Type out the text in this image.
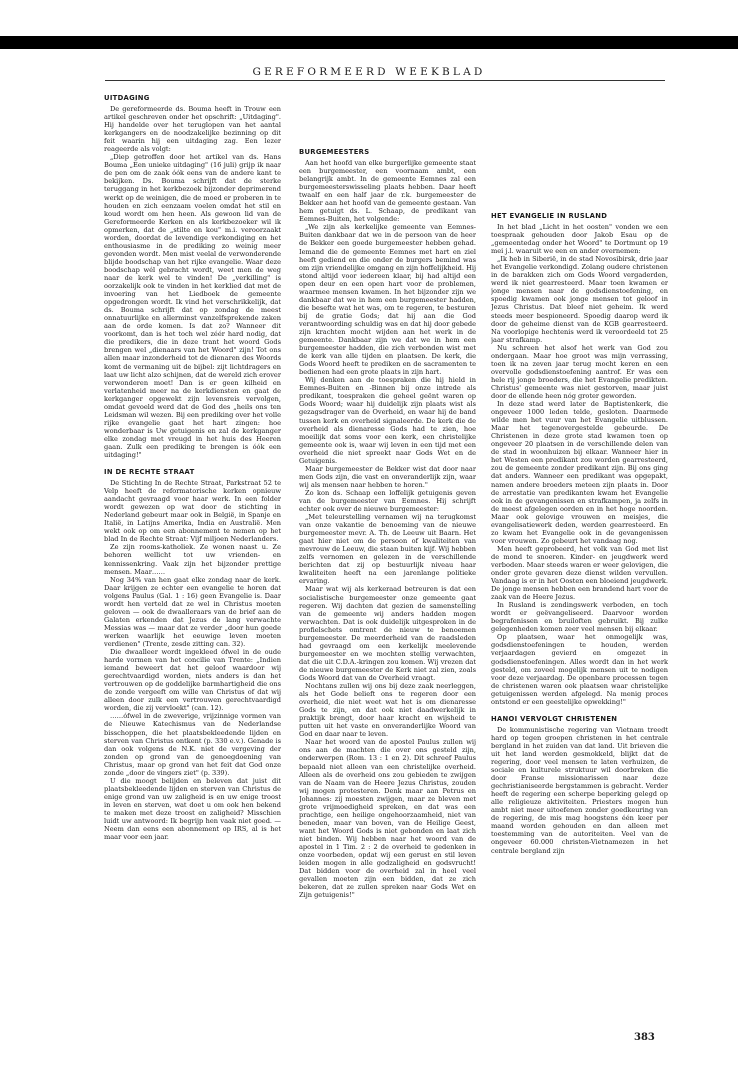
GEREFORMEERD WEEKBLAD
UITDAGING

De gereformeerde ds. Bouma heeft in Trouw een artikel geschreven onder het opschrift: „Uitdaging". Hij handelde over het teruglopen van het aantal kerkgangers en de noodzakelijke bezinning op dit feit waarin hij een uitdaging zag. Een lezer reageerde als volgt:

„Diep getroffen door het artikel van ds. Hans Bouma „Een unieke uitdaging" (16 juli) grijp ik naar de pen om de zaak óók eens van de andere kant te bekijken. Ds. Bouma schrijft dat de sterke teruggang in het kerkbezoek bijzonder deprimerend werkt op de weinigen, die de moed er proberen in te houden en zich eenzaam voelen omdat het stil en koud wordt om hen heen. Als gewoon lid van de Gereformeerde Kerken en als kerkbezoeker wil ik opmerken, dat de „stilte en kou" m.i. veroorzaakt worden, doordat de levendige verkondiging en het enthousiasme in de prediking zo weinig meer gevonden wordt. Men mist veelal de verwonderende blijde boodschap van het rijke evangelie. Waar deze boodschap wél gebracht wordt, weet men de weg naar de kerk wel te vinden! De „verkilling" is oorzakelijk ook te vinden in het kerklied dat met de invoering van het Liedboek de gemeente opgedrongen wordt. Ik vind het verschrikkelijk, dat ds. Bouma schrijft dat op zondag de meest onnatuurlijke en allerminst vanzelfsprekende zaken aan de orde komen. Is dat zo? Wanneer dit voorkomt, dan is het toch wel zéér hard nodig, dat die predikers, die in deze trant het woord Gods brengen wel „dienaars van het Woord" zijn! Tot ons allen maar inzonderheid tot de dienaren des Woords komt de vermaning uit de bijbel: zijt lichtdragers en laat uw licht alzo schijnen, dat de wereld zich erover verwonderen moet! Dan is er geen kilheid en verlatenheid meer na de kerkdiensten en gaat de kerkganger opgewekt zijn levensreis vervolgen, omdat gevoeld werd dat de God des „heils ons ten Leidsman wil wezen. Bij een prediking over het volle rijke evangelie gaat het hart zingen: hoe wonderbaar is Uw getuigenis en zal de kerkganger elke zondag met vreugd in het huis des Heeren gaan. Zulk een prediking te brengen is óók een uitdaging!"

IN DE RECHTE STRAAT

De Stichting In de Rechte Straat, Parkstraat 52 te Velp heeft de reformatorische kerken opnieuw aandacht gevraagd voor haar werk. In een folder wordt gewezen op wat door de stichting in Nederland gebeurt maar ook in België, in Spanje en Italië, in Latijns Amerika, India en Australië. Men wekt ook op om een abonnement te nemen op het blad In de Rechte Straat: Vijf miljoen Nederlanders.

Ze zijn rooms-katholiek. Ze wonen naast u. Ze behoren wellicht tot uw vrienden- en kennissenkring. Vaak zijn het bijzonder prettige mensen. Maar……

Nog 34% van hen gaat elke zondag naar de kerk. Daar krijgen ze echter een evangelie te horen dat volgens Paulus (Gal. 1 : 16) geen Evangelie is. Daar wordt hen verteld dat ze wel in Christus moeten geloven — ook de dwaalleraars van de brief aan de Galaten erkenden dat Jezus de lang verwachte Messias was — maar dat ze verder „door hun goede werken waarlijk het eeuwige leven moeten verdienen" (Trente, zesde zitting can. 32).

Die dwaalleer wordt ingekleed ófwel in de oude harde vormen van het concilie van Trente: „Indien iemand beweert dat het geloof waardoor wij gerechtvaardigd worden, niets anders is dan het vertrouwen op de goddelijke barmhartigheid die ons de zonde vergeeft om wille van Christus of dat wij alleen door zulk een vertrouwen gerechtvaardigd worden, die zij vervloekt" (can. 12).

……ófwel in de zweverige, vrijzinnige vormen van de Nieuwe Katechismus van de Nederlandse bisschoppen, die het plaatsbekleedende lijden en sterven van Christus ontkent (p. 330 e.v.). Genade is dan ook volgens de N.K. niet de vergeving der zonden op grond van de genoegdoening van Christus, maar op grond van het feit dat God onze zonde „door de vingers ziet" (p. 339).

U die moogt belijden en beleven dat juist dit plaatsbekleedende lijden en sterven van Christus de enige grond van uw zaligheid is en uw enige troost in leven en sterven, wat doet u om ook hen bekend te maken met deze troost en zaligheid? Misschien luidt uw antwoord: Ik begrijp hen vaak niet goed. — Neem dan eens een abonnement op IRS, al is het maar voor een jaar.

BURGEMEESTERS

Aan het hoofd van elke burgerlijke gemeente staat een burgemeester, een voornaam ambt, een belangrijk ambt. In de gemeente Eemnes zal een burgemeesterswisseling plaats hebben. Daar heeft twaalf en een half jaar de r.k. burgemeester de Bekker aan het hoofd van de gemeente gestaan. Van hem getuigt ds. L. Schaap, de predikant van Eemnes-Buiten, het volgende:

„We zijn als kerkelijke gemeente van Eemnes-Buiten dankbaar dat we in de persoon van de heer de Bekker een goede burgemeester hebben gehad. Iemand die de gemeente Eemnes met hart en ziel heeft gediend en die onder de burgers bemind was om zijn vriendelijke omgang en zijn hoffelijkheid. Hij stond altijd voor iedereen klaar, bij had altijd een open deur en een open hart voor de problemen, waarmee mensen kwamen. In het bijzonder zijn we dankbaar dat we in hem een burgemeester hadden, die besefte wat het was, om te regeren, te besturen bij de gratie Gods; dat hij aan die God verantwoording schuldig was en dat hij door gebede zijn krachten mocht wijden aan het werk in de gemeente. Dankbaar zijn we dat we in hem een burgemeester hadden, die zich verbonden wist met de kerk van alle tijden en plaatsen. De kerk, die Gods Woord heeft te prediken en de sacramenten te bedienen had een grote plaats in zijn hart.

Wij denken aan de toespraken die hij hield in Eemnes-Buiten en -Binnen bij onze intrede als predikant, toespraken die geheel geënt waren op Gods Woord; waar hij duidelijk zijn plaats wist als gezagsdrager van de Overheid, en waar hij de band tussen kerk en overheid signaleerde. De kerk die de overheid als dienaresse Gods had te zien, hoe moeilijk dat soms voor een kerk, een christelijke gemeente ook is, waar wij leven in een tijd met een overheid die niet spreekt naar Gods Wet en de Getuigenis.

Maar burgemeester de Bekker wist dat door naar men Gods zijn, die vast en onveranderlijk zijn, waar wij als mensen naar hebben te horen."

Zo kon ds. Schaap een loffelijk getuigenis geven van de burgemeester van Eemnes. Hij schrijft echter ook over de nieuwe burgemeester:

„Met teleurstelling vernamen wij na terugkomst van onze vakantie de benoeming van de nieuwe burgemeester mevr. A. Th. de Leeuw uit Baarn. Het gaat hier niet om de persoon of kwaliteiten van mevrouw de Leeuw, die staan buiten kijf. Wij hebben zelfs vernomen en gelezen in de verschillende berichten dat zij op bestuurlijk niveau haar kwaliteiten heeft na een jarenlange politieke ervaring.

Maar wat wij als kerkeraad betreuren is dat een socialistische burgemeester onze gemeente gaat regeren. Wij dachten dat gezien de samenstelling van de gemeente wij anders hadden mogen verwachten. Dat is ook duidelijk uitgesproken in de profielschets omtrent de nieuw te benoemen burgemeester. De meerderheid van de raadsleden had gevraagd om een kerkelijk meelevende burgemeester en we mochten stellig verwachten, dat die uit C.D.A.-kringen zou komen. Wij vrezen dat de nieuwe burgemeester de Kerk niet zal zien, zoals Gods Woord dat van de Overheid vraagt.

Nochtans zullen wij ons bij deze zaak neerleggen, als het Gode belieft ons te regeren door een overheid, die niet weet wat het is om dienaresse Gods te zijn, en dat ook niet daadwerkelijk in praktijk brengt, door haar kracht en wijsheid te putten uit het vaste en onveranderlijke Woord van God en daar naar te leven.

Naar het woord van de apostel Paulus zullen wij ons aan de machten die over ons gesteld zijn, onderwerpen (Rom. 13 : 1 en 2). Dit schreef Paulus bepaald niet alleen van een christelijke overheid. Alleen als de overheid ons zou gebieden te zwijgen van de Naam van de Heere Jezus Christus, zouden wij mogen protesteren. Denk maar aan Petrus en Johannes: zij moesten zwijgen, maar ze bleven met grote vrijmoedigheid spreken, en dat was een prachtige, een heilige ongehoorzaamheid, niet van beneden, maar van boven, van de Heilige Geest, want het Woord Gods is niet gebonden en laat zich niet binden. Wij hebben naar het woord van de apostel in 1 Tim. 2 : 2 de overheid te gedenken in onze voorbeden, opdat wij een gerust en stil leven leiden mogen in alle godzaligheid en godsvrucht! Dat bidden voor de overheid zal in heel veel gevallen moeten zijn een bidden, dat ze zich bekeren, dat ze zullen spreken naar Gods Wet en Zijn getuigenis!"

HET EVANGELIE IN RUSLAND

In het blad „Licht in het oosten" vonden we een toespraak gehouden door Jakob Esau op de „gemeentedag onder het Woord" te Dortmunt op 19 mei j.l. waaruit we een en ander overnemen:

„Ik heb in Siberië, in de stad Novosibirsk, drie jaar het Evangelie verkondigd. Zolang oudere christenen in de barakken zich om Gods Woord vergaderden, werd ik niet gearresteerd. Maar toen kwamen er jonge mensen naar de godsdienstoefening, en spoedig kwamen ook jonge mensen tot geloof in Jezus Christus. Dat bleef niet geheim. Ik werd steeds meer bespioneerd. Spoedig daarop werd ik door de geheime dienst van de KGB gearresteerd. Na voorlopige hechtenis werd ik veroordeeld tot 25 jaar strafkamp.

Nu schreen het alsof het werk van God zou ondergaan. Maar hoe groot was mijn verrassing, toen ik na zeven jaar terug mocht keren en een overvolle godsdienstoefening aantrof. Er was een hele rij jonge broeders, die het Evangelie predikten. Christus' gemeente was niet gestorven, maar juist door de ellende heen nóg groter geworden.

In deze stad werd later de Baptistenkerk, die ongeveer 1000 leden telde, gesloten. Daarmede wilde men het vuur van het Evangelie uitblussen. Maar het tegenovergestelde gebeurde. De Christenen in deze grote stad kwamen toen op ongeveer 20 plaatsen in de verschillende delen van de stad in woonhuizen bij elkaar. Wanneer hier in het Westen een predikant zou worden gearresteerd, zou de gemeente zonder predikant zijn. Bij ons ging dat anders. Wanneer een predikant was opgepakt, namen andere broeders meteen zijn plaats in. Door de arrestatie van predikanten kwam het Evangelie ook in de gevangenissen en strafkampen, ja zelfs in de meest afgelegen oorden en in het hoge noorden. Maar ook gelovige vrouwen en meisjes, die evangelisatiewerk deden, werden gearresteerd. En zo kwam het Evangelie ook in de gevangenissen voor vrouwen. Zo gebeurt het vandaag nog.

Men heeft geprobeerd, het volk van God met list de mond te snoeren. Kinder- en jeugdwerk werd verboden. Maar steeds waren er weer gelovigen, die onder grote gevaren deze dienst wilden vervullen. Vandaag is er in het Oosten een bloeiend jeugdwerk. De jonge mensen hebben een brandend hart voor de zaak van de Heere Jezus.

In Rusland is zendingswerk verboden, en toch wordt er geëvangeliseerd. Daarvoor worden begrafenissen en bruiloften gebruikt. Bij zulke gelegenheden komen zeer veel mensen bij elkaar.

Op plaatsen, waar het onmogelijk was, godsdienstoefeningen te houden, werden verjaardagen gevierd en omgezet in godsdienstoefeningen. Alles wordt dan in het werk gesteld, om zoveel mogelijk mensen uit te nodigen voor deze verjaardag. De openbare processen tegen de christenen waren ook plaatsen waar christelijke getuigenissen werden afgelegd. Na menig proces ontstond er een geestelijke opwekking!"

HANOI VERVOLGT CHRISTENEN

De kommunistische regering van Vietnam treedt hard op tegen groepen christenen in het centrale bergland in het zuiden van dat land. Uit brieven die uit het land werden gesmokkeld, blijkt dat de regering, door veel mensen te laten verhuizen, de sociale en kulturele struktuur wil doorbreken die door Franse missionarissen naar deze gechristianiseerde bergstammen is gebracht. Verder heeft de regering een scherpe beperking gelegd op alle religieuze aktiviteiten. Priesters mogen hun ambt niet meer uitoefenen zonder goedkeuring van de regering, de mis mag hoogstens één keer per maand worden gehouden en dan alleen met toestemming van de autoriteiten. Veel van de ongeveer 60.000 christen-Vietnamezen in het centrale bergland zijn

383
